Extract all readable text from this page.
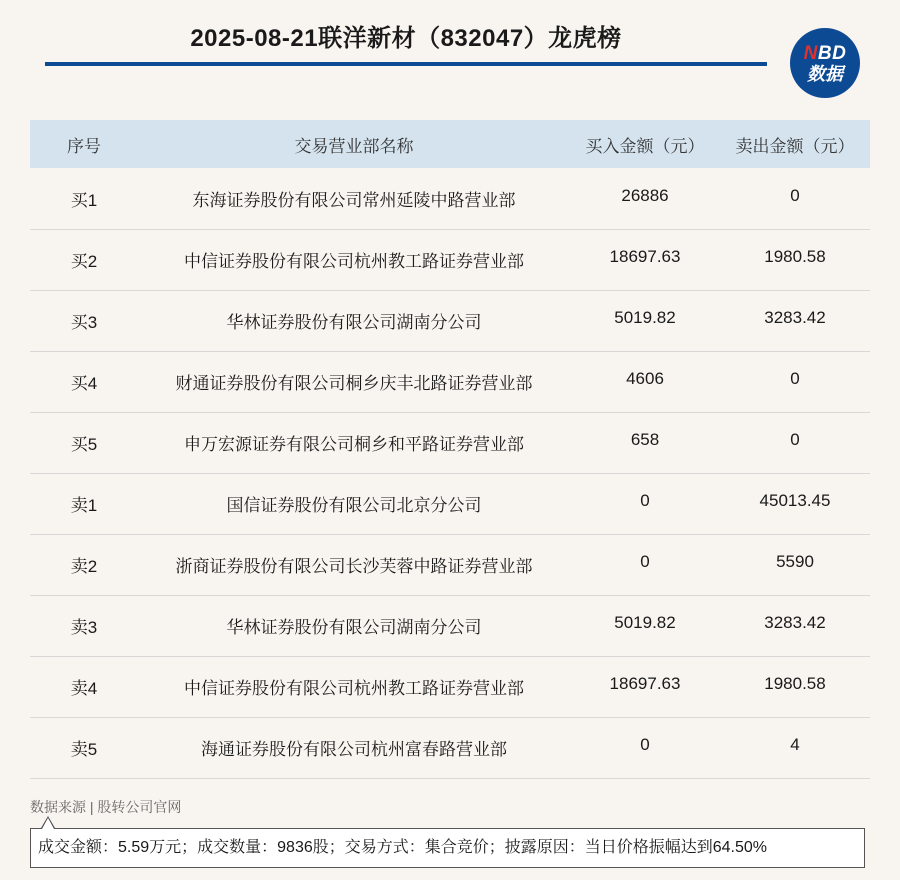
2025-08-21联洋新材（832047）龙虎榜
NBD
数据
序号	交易营业部名称	买入金额（元）	卖出金额（元）
买1	东海证券股份有限公司常州延陵中路营业部	26886	0
买2	中信证券股份有限公司杭州教工路证券营业部	18697.63	1980.58
买3	华林证券股份有限公司湖南分公司	5019.82	3283.42
买4	财通证券股份有限公司桐乡庆丰北路证券营业部	4606	0
买5	申万宏源证券有限公司桐乡和平路证券营业部	658	0
卖1	国信证券股份有限公司北京分公司	0	45013.45
卖2	浙商证券股份有限公司长沙芙蓉中路证券营业部	0	5590
卖3	华林证券股份有限公司湖南分公司	5019.82	3283.42
卖4	中信证券股份有限公司杭州教工路证券营业部	18697.63	1980.58
卖5	海通证券股份有限公司杭州富春路营业部	0	4
数据来源 | 股转公司官网
成交金额：5.59万元；成交数量：9836股；交易方式：集合竞价；披露原因：当日价格振幅达到64.50%
